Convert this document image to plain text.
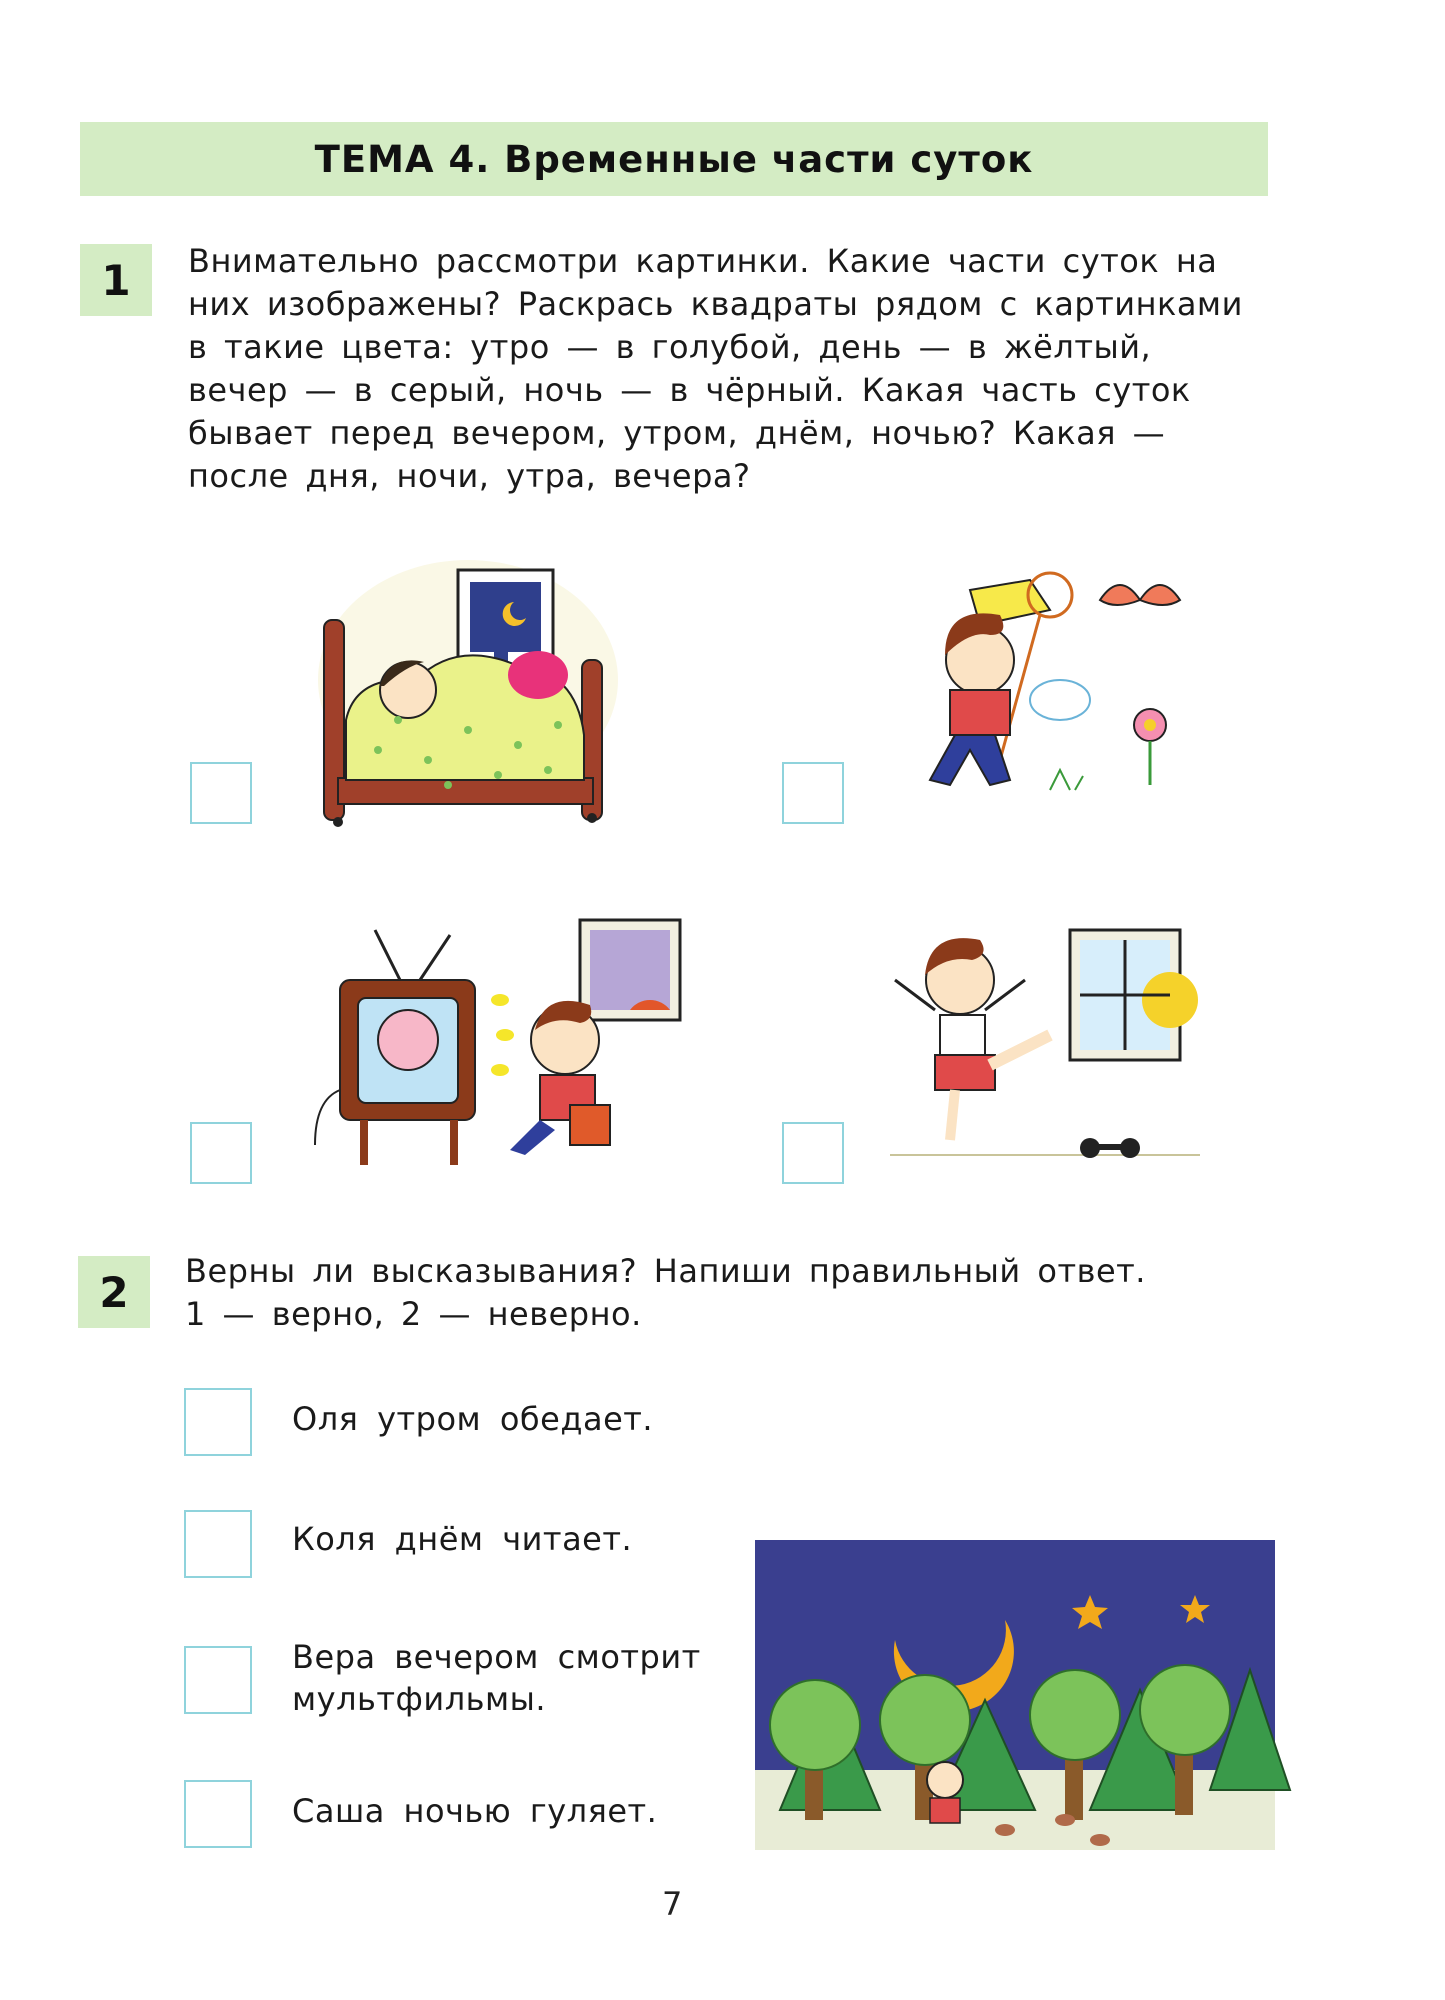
ТЕМА 4. Временные части суток
1	Внимательно рассмотри картинки. Какие части суток на
них изображены? Раскрась квадраты рядом с картинками
в такие цвета: утро — в голубой, день — в жёлтый,
вечер — в серый, ночь — в чёрный. Какая часть суток
бывает перед вечером, утром, днём, ночью? Какая —
после дня, ночи, утра, вечера?
2	Верны ли высказывания? Напиши правильный ответ.
1 — верно, 2 — неверно.
Оля утром обедает.
Коля днём читает.
Вера вечером смотрит
мультфильмы.
Саша ночью гуляет.
7
